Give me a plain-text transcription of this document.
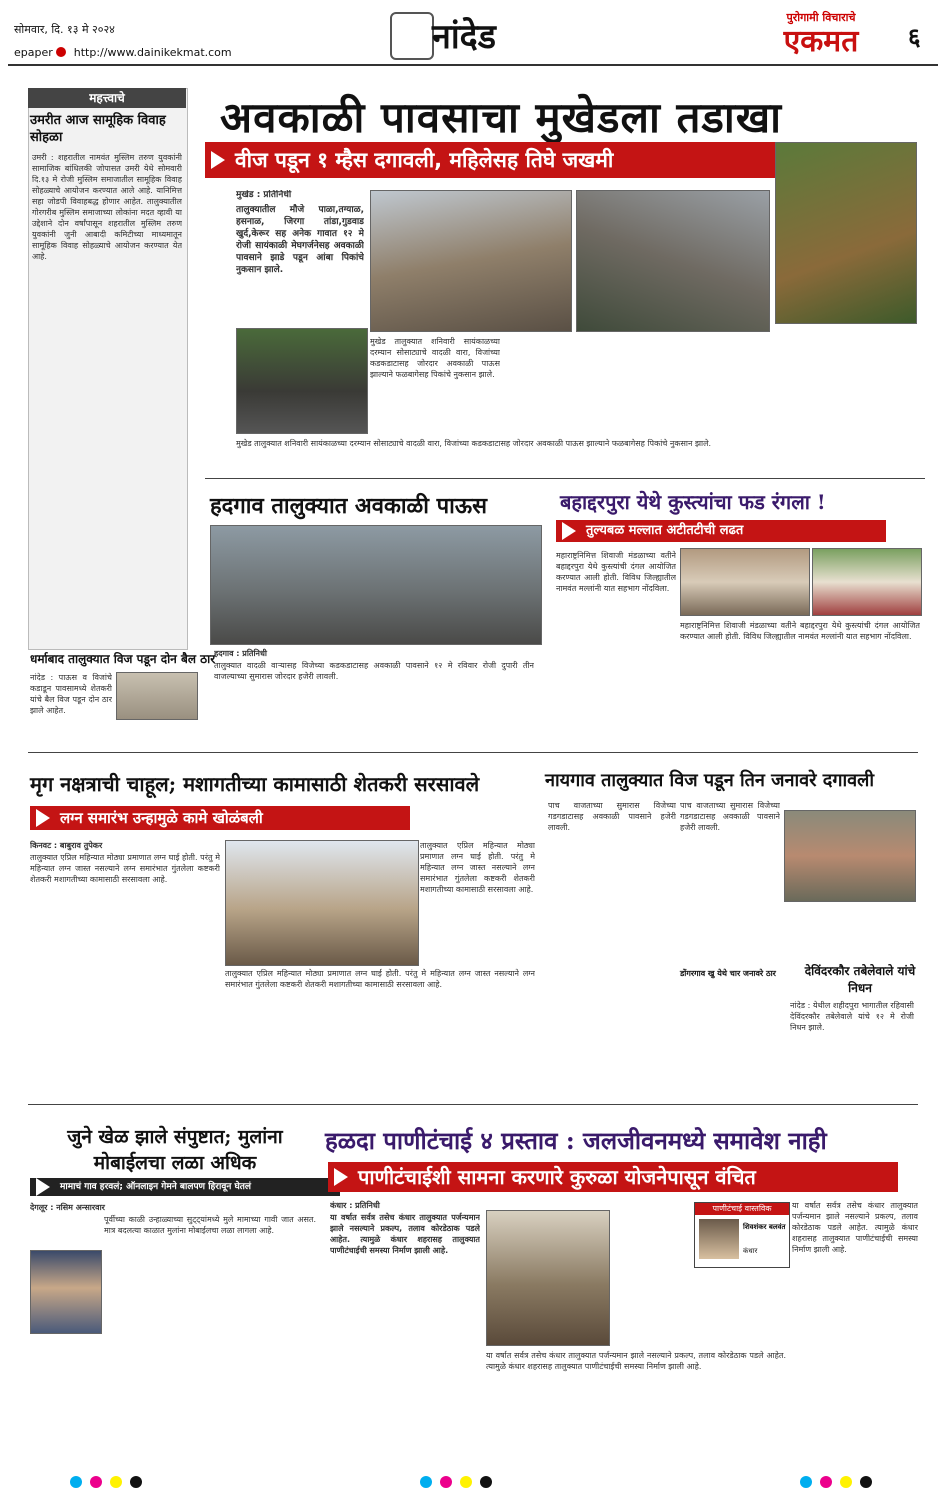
सोमवार, दि. १३ मे २०२४
epaper http://www.dainikekmat.com	नांदेड	पुरोगामी विचाराचे
एकमत	६
महत्त्वाचे
उमरीत आज सामूहिक विवाह सोहळा
उमरी : शहरातील नामवंत मुस्लिम तरुण युवकांनी सामाजिक बांधिलकी जोपासत उमरी येथे सोमवारी दि.१३ मे रोजी मुस्लिम समाजातील सामूहिक विवाह सोहळ्याचे आयोजन करण्यात आले आहे. यानिमित्त सहा जोडपी विवाहबद्ध होणार आहेत. तालुक्यातील गोरगरीब मुस्लिम समाजाच्या लोकांना मदत व्हावी या उद्देशाने दोन वर्षांपासून शहरातील मुस्लिम तरुण युवकांनी जुनी आबादी कमिटीच्या माध्यमातून सामूहिक विवाह सोहळ्याचे आयोजन करण्यात येत आहे.
अवकाळी पावसाचा मुखेडला तडाखा
वीज पडून १ म्हैस दगावली, महिलेसह तिघे जखमी
मुखेड : प्रतिनिधी
तालुक्यातील मौजे पाळा,तग्याळ, हसनाळ, जिरगा तांडा,गुडवाड खुर्द,केरूर सह अनेक गावात १२ मे रोजी सायंकाळी मेघगर्जनेसह अवकाळी पावसाने झाडे पडून आंबा पिकांचे नुकसान झाले.
मुखेड तालुक्यात शनिवारी सायंकाळच्या दरम्यान सोसाट्याचे वादळी वारा, विजांच्या कडकडाटासह जोरदार अवकाळी पाऊस झाल्याने फळबागेसह पिकांचे नुकसान झाले.
मुखेड तालुक्यात शनिवारी सायंकाळच्या दरम्यान सोसाट्याचे वादळी वारा, विजांच्या कडकडाटासह जोरदार अवकाळी पाऊस झाल्याने फळबागेसह पिकांचे नुकसान झाले.
हदगाव तालुक्यात अवकाळी पाऊस
हदगाव : प्रतिनिधी
तालुक्यात वादळी वाऱ्यासह विजेच्या कडकडाटासह अवकाळी पावसाने १२ मे रविवार रोजी दुपारी तीन वाजल्याच्या सुमारास जोरदार हजेरी लावली.
धर्माबाद तालुक्यात विज पडून दोन बैल ठार
नांदेड : पाऊस व विजांचे कडाडून पावसामध्ये शेतकरी यांचे बैल विज पडून दोन ठार झाले आहेत.
बहाद्दरपुरा येथे कुस्त्यांचा फड रंगला !
तुल्यबळ मल्लात अटीतटीची लढत
महाराष्ट्रनिमित्त शिवाजी मंडळाच्या वतीने बहाद्दरपुरा येथे कुस्त्यांची दंगल आयोजित करण्यात आली होती. विविध जिल्ह्यातील नामवंत मल्लांनी यात सहभाग नोंदविला.
महाराष्ट्रनिमित्त शिवाजी मंडळाच्या वतीने बहाद्दरपुरा येथे कुस्त्यांची दंगल आयोजित करण्यात आली होती. विविध जिल्ह्यातील नामवंत मल्लांनी यात सहभाग नोंदविला.
मृग नक्षत्राची चाहूल; मशागतीच्या कामासाठी शेतकरी सरसावले
लग्न समारंभ उन्हामुळे कामे खोळंबली
किनवट : बाबुराव तुपेकर
तालुक्यात एप्रिल महिन्यात मोठ्या प्रमाणात लग्न घाई होती. परंतु मे महिन्यात लग्न जास्त नसल्याने लग्न समारंभात गुंतलेला कष्टकरी शेतकरी मशागतीच्या कामासाठी सरसावला आहे.
तालुक्यात एप्रिल महिन्यात मोठ्या प्रमाणात लग्न घाई होती. परंतु मे महिन्यात लग्न जास्त नसल्याने लग्न समारंभात गुंतलेला कष्टकरी शेतकरी मशागतीच्या कामासाठी सरसावला आहे.
तालुक्यात एप्रिल महिन्यात मोठ्या प्रमाणात लग्न घाई होती. परंतु मे महिन्यात लग्न जास्त नसल्याने लग्न समारंभात गुंतलेला कष्टकरी शेतकरी मशागतीच्या कामासाठी सरसावला आहे.
नायगाव तालुक्यात विज पडून तिन जनावरे दगावली
पाच वाजताच्या सुमारास विजेच्या गडगडाटासह अवकाळी पावसाने हजेरी लावली.
पाच वाजताच्या सुमारास विजेच्या गडगडाटासह अवकाळी पावसाने हजेरी लावली.
डोंगरगाव खु येथे चार जनावरे ठार	देविंदरकौर तबेलेवाले यांचे निधन
नांदेड : येथील शहीदपुरा भागातील रहिवासी देविंदरकौर तबेलेवाले यांचे १२ मे रोजी निधन झाले.
जुने खेळ झाले संपुष्टात; मुलांना मोबाईलचा लळा अधिक
मामाचं गाव हरवलं; ऑनलाइन गेमने बालपण हिरावून घेतलं
देगलूर : नसिम अन्सारवार
पूर्वीच्या काळी उन्हाळ्याच्या सुट्ट्यांमध्ये मुले मामाच्या गावी जात असत. मात्र बदलत्या काळात मुलांना मोबाईलचा लळा लागला आहे.
हळदा पाणीटंचाई ४ प्रस्ताव : जलजीवनमध्ये समावेश नाही
पाणीटंचाईशी सामना करणारे कुरुळा योजनेपासून वंचित
कंधार : प्रतिनिधी
या वर्षात सर्वत्र तसेच कंधार तालुक्यात पर्जन्यमान झाले नसल्याने प्रकल्प, तलाव कोरडेठाक पडले आहेत. त्यामुळे कंधार शहरासह तालुक्यात पाणीटंचाईची समस्या निर्माण झाली आहे.
पाणीटंचाई वास्तविक
शिवशंकर बलवंत
कंधार
या वर्षात सर्वत्र तसेच कंधार तालुक्यात पर्जन्यमान झाले नसल्याने प्रकल्प, तलाव कोरडेठाक पडले आहेत. त्यामुळे कंधार शहरासह तालुक्यात पाणीटंचाईची समस्या निर्माण झाली आहे.
या वर्षात सर्वत्र तसेच कंधार तालुक्यात पर्जन्यमान झाले नसल्याने प्रकल्प, तलाव कोरडेठाक पडले आहेत. त्यामुळे कंधार शहरासह तालुक्यात पाणीटंचाईची समस्या निर्माण झाली आहे.
